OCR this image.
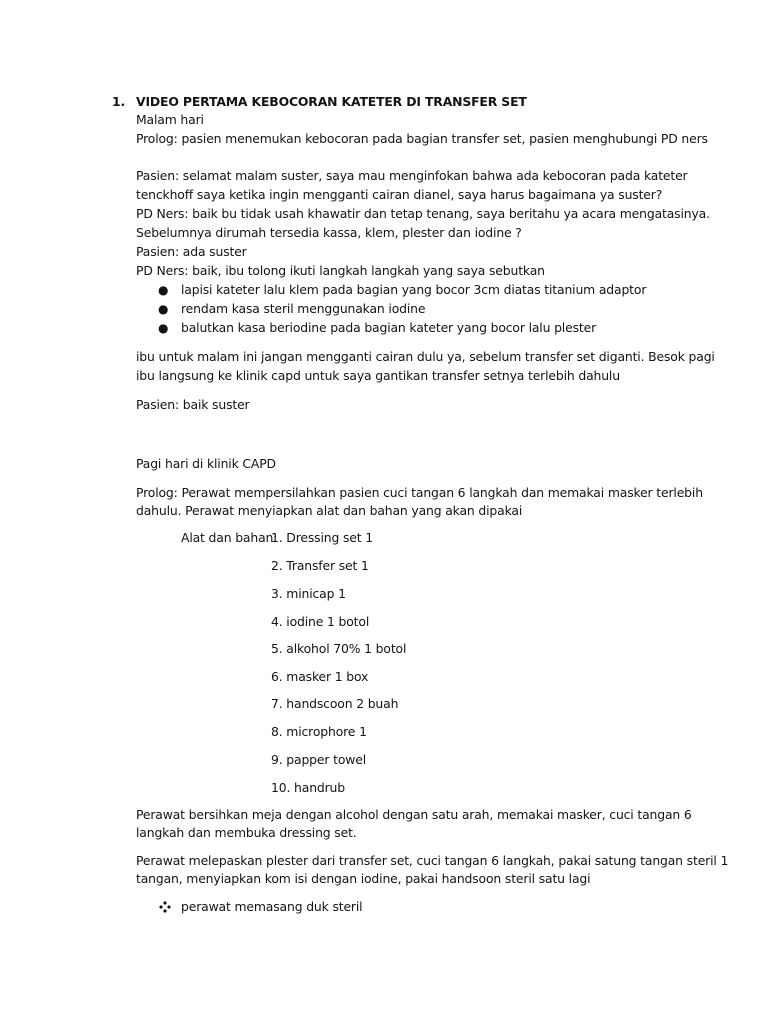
1. VIDEO PERTAMA KEBOCORAN KATETER DI TRANSFER SET
Malam hari
Prolog: pasien menemukan kebocoran pada bagian transfer set, pasien menghubungi PD ners
Pasien: selamat malam suster, saya mau menginfokan bahwa ada kebocoran pada kateter
tenckhoff saya ketika ingin mengganti cairan dianel, saya harus bagaimana ya suster?
PD Ners: baik bu tidak usah khawatir dan tetap tenang, saya beritahu ya acara mengatasinya.
Sebelumnya dirumah tersedia kassa, klem, plester dan iodine ?
Pasien: ada suster
PD Ners: baik, ibu tolong ikuti langkah langkah yang saya sebutkan
● lapisi kateter lalu klem pada bagian yang bocor 3cm diatas titanium adaptor
● rendam kasa steril menggunakan iodine
● balutkan kasa beriodine pada bagian kateter yang bocor lalu plester
ibu untuk malam ini jangan mengganti cairan dulu ya, sebelum transfer set diganti. Besok pagi
ibu langsung ke klinik capd untuk saya gantikan transfer setnya terlebih dahulu
Pasien: baik suster
Pagi hari di klinik CAPD
Prolog: Perawat mempersilahkan pasien cuci tangan 6 langkah dan memakai masker terlebih
dahulu. Perawat menyiapkan alat dan bahan yang akan dipakai
Alat dan bahan:
1. Dressing set 1
2. Transfer set 1
3. minicap 1
4. iodine 1 botol
5. alkohol 70% 1 botol
6. masker 1 box
7. handscoon 2 buah
8. microphore 1
9. papper towel
10. handrub
Perawat bersihkan meja dengan alcohol dengan satu arah, memakai masker, cuci tangan 6
langkah dan membuka dressing set.
Perawat melepaskan plester dari transfer set, cuci tangan 6 langkah, pakai satung tangan steril 1
tangan, menyiapkan kom isi dengan iodine, pakai handsoon steril satu lagi
perawat memasang duk steril
